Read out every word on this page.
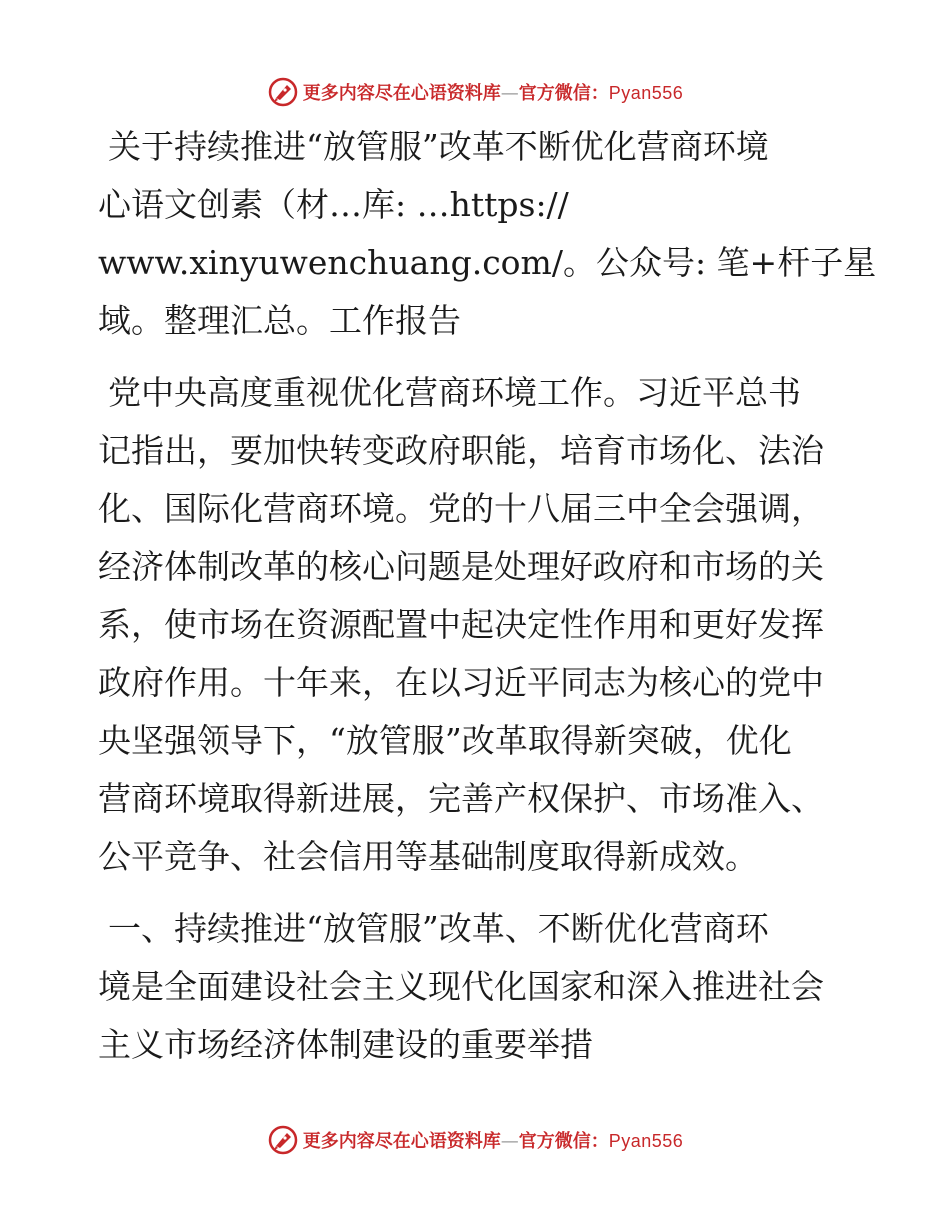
更多内容尽在心语资料库—官方微信：Pyan556

关于持续推进“放管服”改革不断优化营商环境
心语文创素（材…库: …https://
www.xinyuwenchuang.com/。公众号: 笔+杆子星
域。整理汇总。工作报告

党中央高度重视优化营商环境工作。习近平总书
记指出，要加快转变政府职能，培育市场化、法治
化、国际化营商环境。党的十八届三中全会强调，
经济体制改革的核心问题是处理好政府和市场的关
系，使市场在资源配置中起决定性作用和更好发挥
政府作用。十年来，在以习近平同志为核心的党中
央坚强领导下，“放管服”改革取得新突破，优化
营商环境取得新进展，完善产权保护、市场准入、
公平竞争、社会信用等基础制度取得新成效。

一、持续推进“放管服”改革、不断优化营商环
境是全面建设社会主义现代化国家和深入推进社会
主义市场经济体制建设的重要举措

更多内容尽在心语资料库—官方微信：Pyan556
